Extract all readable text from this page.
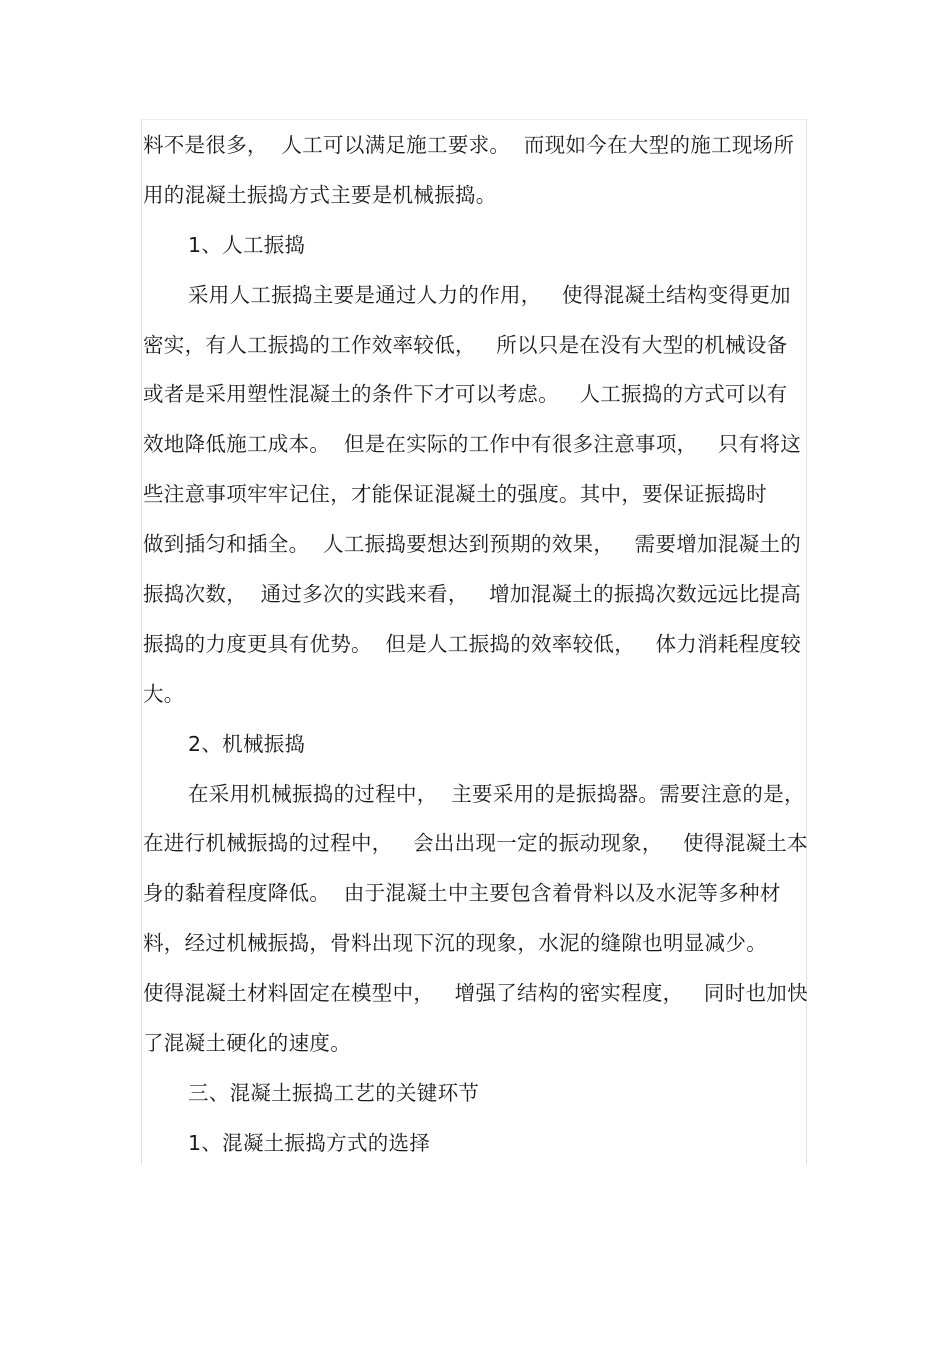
料不是很多，  人工可以满足施工要求。  而现如今在大型的施工现场所
用的混凝土振捣方式主要是机械振捣。
1、人工振捣
采用人工振捣主要是通过人力的作用，   使得混凝土结构变得更加
密实，有人工振捣的工作效率较低，   所以只是在没有大型的机械设备
或者是采用塑性混凝土的条件下才可以考虑。   人工振捣的方式可以有
效地降低施工成本。  但是在实际的工作中有很多注意事项，   只有将这
些注意事项牢牢记住，才能保证混凝土的强度。其中，要保证振捣时
做到插匀和插全。  人工振捣要想达到预期的效果，   需要增加混凝土的
振捣次数，  通过多次的实践来看，   增加混凝土的振捣次数远远比提高
振捣的力度更具有优势。  但是人工振捣的效率较低，   体力消耗程度较
大。
2、机械振捣
在采用机械振捣的过程中，  主要采用的是振捣器。需要注意的是，
在进行机械振捣的过程中，   会出出现一定的振动现象，   使得混凝土本
身的黏着程度降低。  由于混凝土中主要包含着骨料以及水泥等多种材
料，经过机械振捣，骨料出现下沉的现象，水泥的缝隙也明显减少。
使得混凝土材料固定在模型中，   增强了结构的密实程度，   同时也加快
了混凝土硬化的速度。
三、混凝土振捣工艺的关键环节
1、混凝土振捣方式的选择
